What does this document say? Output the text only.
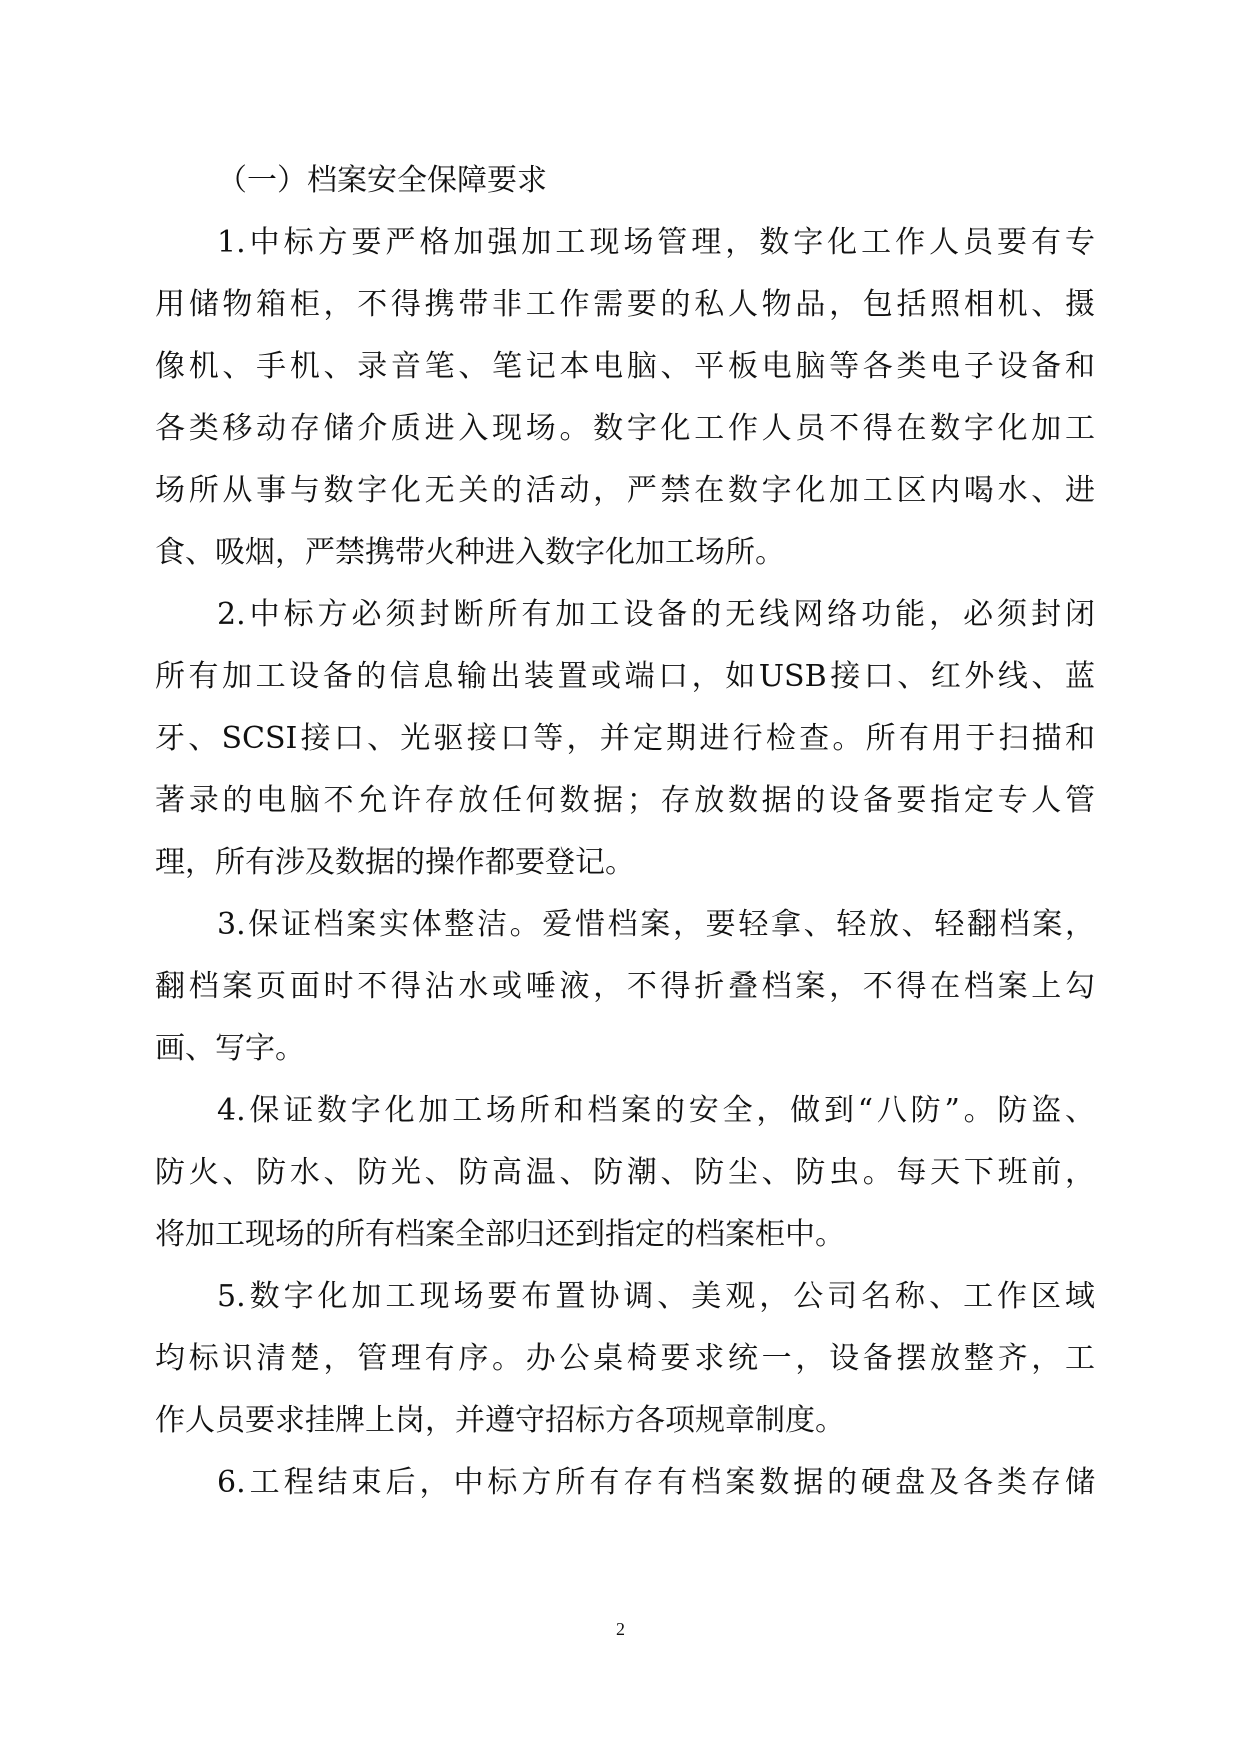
（一）档案安全保障要求
1.中标方要严格加强加工现场管理，数字化工作人员要有专
用储物箱柜，不得携带非工作需要的私人物品，包括照相机、摄
像机、手机、录音笔、笔记本电脑、平板电脑等各类电子设备和
各类移动存储介质进入现场。数字化工作人员不得在数字化加工
场所从事与数字化无关的活动，严禁在数字化加工区内喝水、进
食、吸烟，严禁携带火种进入数字化加工场所。
2.中标方必须封断所有加工设备的无线网络功能，必须封闭
所有加工设备的信息输出装置或端口，如USB接口、红外线、蓝
牙、SCSI接口、光驱接口等，并定期进行检查。所有用于扫描和
著录的电脑不允许存放任何数据；存放数据的设备要指定专人管
理，所有涉及数据的操作都要登记。
3.保证档案实体整洁。爱惜档案，要轻拿、轻放、轻翻档案，
翻档案页面时不得沾水或唾液，不得折叠档案，不得在档案上勾
画、写字。
4.保证数字化加工场所和档案的安全，做到“八防”。防盗、
防火、防水、防光、防高温、防潮、防尘、防虫。每天下班前，
将加工现场的所有档案全部归还到指定的档案柜中。
5.数字化加工现场要布置协调、美观，公司名称、工作区域
均标识清楚，管理有序。办公桌椅要求统一，设备摆放整齐，工
作人员要求挂牌上岗，并遵守招标方各项规章制度。
6.工程结束后，中标方所有存有档案数据的硬盘及各类存储
2
